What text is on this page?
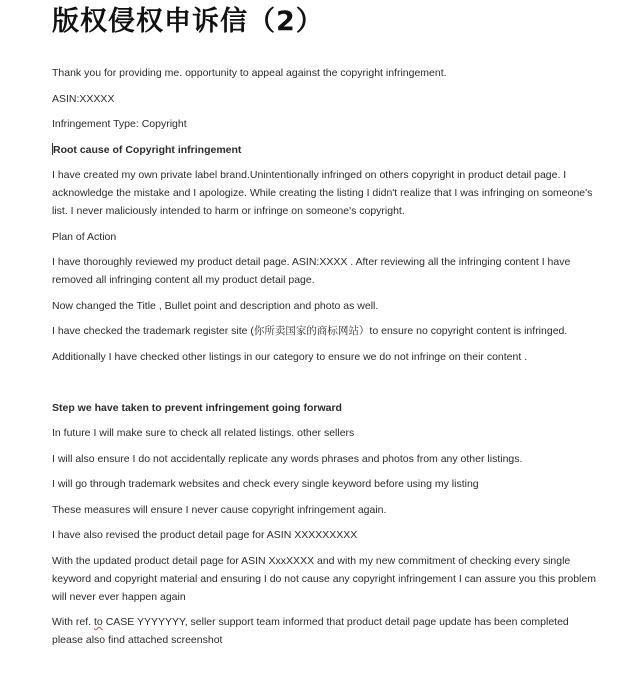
版权侵权申诉信（2）

Thank you for providing me. opportunity to appeal against the copyright infringement.

ASIN:XXXXX

Infringement Type: Copyright

Root cause of Copyright infringement

I have created my own private label brand.Unintentionally infringed on others copyright in product detail page. I acknowledge the mistake and I apologize. While creating the listing I didn't realize that I was infringing on someone's list. I never maliciously intended to harm or infringe on someone's copyright.

Plan of Action

I have thoroughly reviewed my product detail page. ASIN:XXXX . After reviewing all the infringing content I have removed all infringing content all my product detail page.

Now changed the Title , Bullet point and description and photo as well.

I have checked the trademark register site (你所卖国家的商标网站）to ensure no copyright content is infringed.

Additionally I have checked other listings in our category to ensure we do not infringe on their content .

Step we have taken to prevent infringement going forward

In future I will make sure to check all related listings. other sellers

I will also ensure I do not accidentally replicate any words phrases and photos from any other listings.

I will go through trademark websites and check every single keyword before using my listing

These measures will ensure I never cause copyright infringement again.

I have also revised the product detail page for ASIN XXXXXXXXX

With the updated product detail page for ASIN XxxXXXX and with my new commitment of checking every single keyword and copyright material and ensuring I do not cause any copyright infringement I can assure you this problem will never ever happen again

With ref. to CASE YYYYYYY, seller support team informed that product detail page update has been completed please also find attached screenshot
